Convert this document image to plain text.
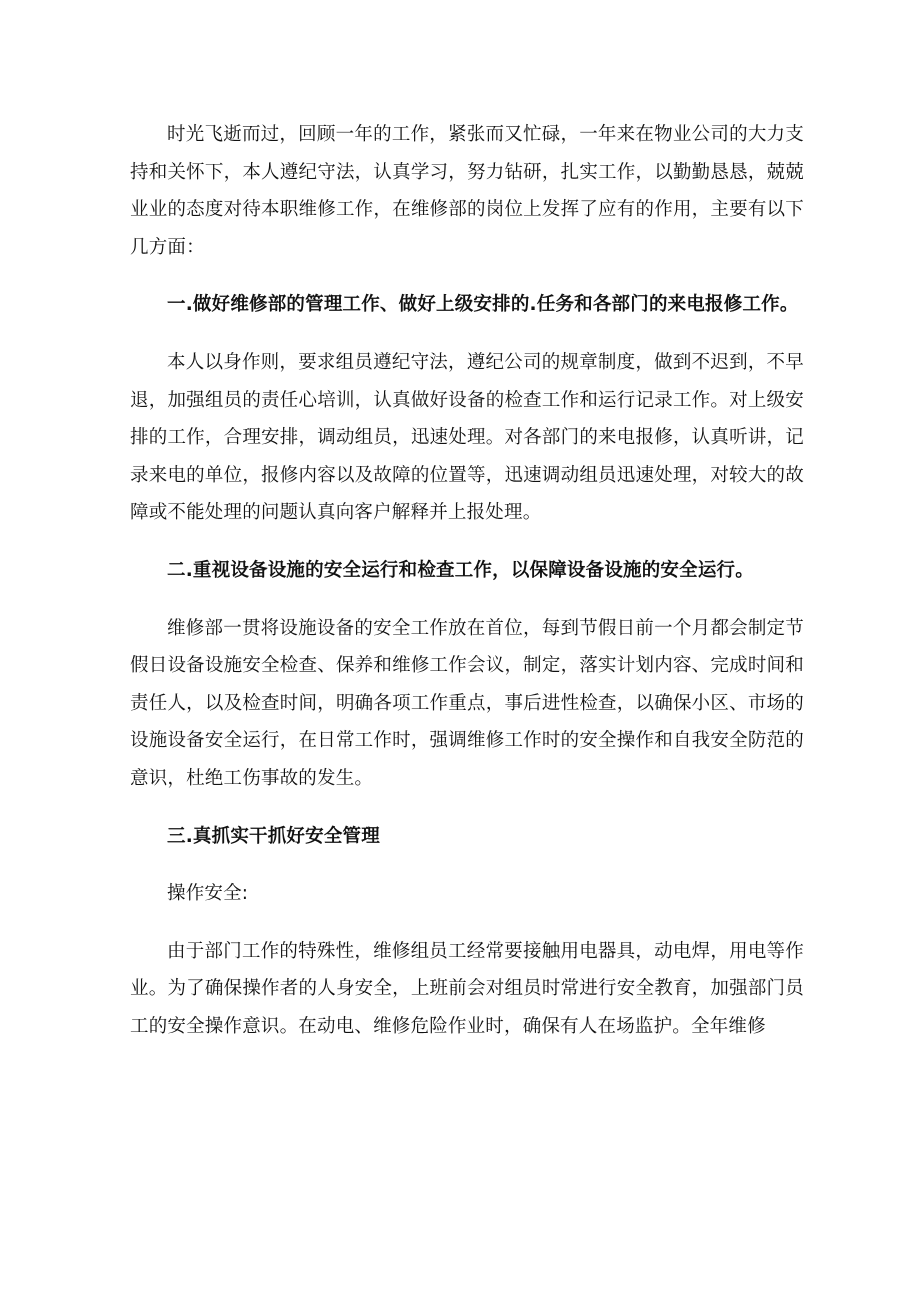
时光飞逝而过，回顾一年的工作，紧张而又忙碌，一年来在物业公司的大力支持和关怀下，本人遵纪守法，认真学习，努力钻研，扎实工作，以勤勤恳恳，兢兢业业的态度对待本职维修工作，在维修部的岗位上发挥了应有的作用，主要有以下几方面：

一.做好维修部的管理工作、做好上级安排的.任务和各部门的来电报修工作。

本人以身作则，要求组员遵纪守法，遵纪公司的规章制度，做到不迟到，不早退，加强组员的责任心培训，认真做好设备的检查工作和运行记录工作。对上级安排的工作，合理安排，调动组员，迅速处理。对各部门的来电报修，认真听讲，记录来电的单位，报修内容以及故障的位置等，迅速调动组员迅速处理，对较大的故障或不能处理的问题认真向客户解释并上报处理。

二.重视设备设施的安全运行和检查工作，以保障设备设施的安全运行。

维修部一贯将设施设备的安全工作放在首位，每到节假日前一个月都会制定节假日设备设施安全检查、保养和维修工作会议，制定，落实计划内容、完成时间和责任人，以及检查时间，明确各项工作重点，事后进性检查，以确保小区、市场的设施设备安全运行，在日常工作时，强调维修工作时的安全操作和自我安全防范的意识，杜绝工伤事故的发生。

三.真抓实干抓好安全管理

操作安全:

由于部门工作的特殊性，维修组员工经常要接触用电器具，动电焊，用电等作业。为了确保操作者的人身安全，上班前会对组员时常进行安全教育，加强部门员工的安全操作意识。在动电、维修危险作业时，确保有人在场监护。全年维修
